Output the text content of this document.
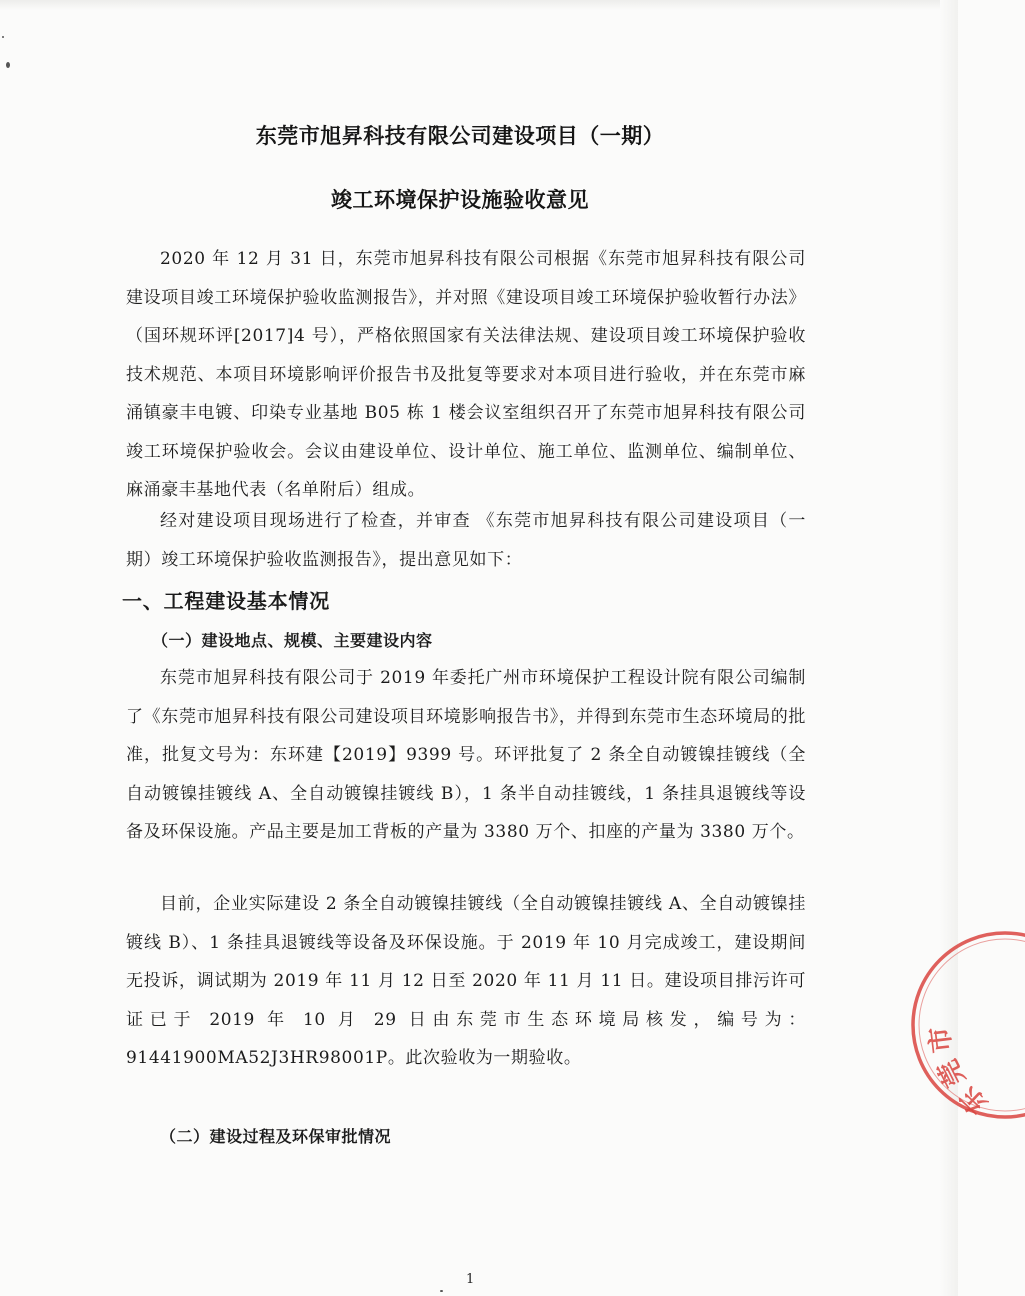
东莞市旭昇科技有限公司建设项目（一期）
竣工环境保护设施验收意见
2020 年 12 月 31 日，东莞市旭昇科技有限公司根据《东莞市旭昇科技有限公司建设项目竣工环境保护验收监测报告》，并对照《建设项目竣工环境保护验收暂行办法》（国环规环评[2017]4 号），严格依照国家有关法律法规、建设项目竣工环境保护验收技术规范、本项目环境影响评价报告书及批复等要求对本项目进行验收，并在东莞市麻涌镇豪丰电镀、印染专业基地 B05 栋 1 楼会议室组织召开了东莞市旭昇科技有限公司竣工环境保护验收会。会议由建设单位、设计单位、施工单位、监测单位、编制单位、麻涌豪丰基地代表（名单附后）组成。
经对建设项目现场进行了检查，并审查 《东莞市旭昇科技有限公司建设项目（一期）竣工环境保护验收监测报告》，提出意见如下：
一、工程建设基本情况
（一）建设地点、规模、主要建设内容
东莞市旭昇科技有限公司于 2019 年委托广州市环境保护工程设计院有限公司编制了《东莞市旭昇科技有限公司建设项目环境影响报告书》，并得到东莞市生态环境局的批准，批复文号为：东环建【2019】9399 号。环评批复了 2 条全自动镀镍挂镀线（全自动镀镍挂镀线 A、全自动镀镍挂镀线 B），1 条半自动挂镀线，1 条挂具退镀线等设备及环保设施。产品主要是加工背板的产量为 3380 万个、扣座的产量为 3380 万个。
目前，企业实际建设 2 条全自动镀镍挂镀线（全自动镀镍挂镀线 A、全自动镀镍挂镀线 B）、1 条挂具退镀线等设备及环保设施。于 2019 年 10 月完成竣工，建设期间无投诉，调试期为 2019 年 11 月 12 日至 2020 年 11 月 11 日。建设项目排污许可证已于 2019 年 10 月 29 日由东莞市生态环境局核发，编号为：91441900MA52J3HR98001P。此次验收为一期验收。
（二）建设过程及环保审批情况
1
东莞市
